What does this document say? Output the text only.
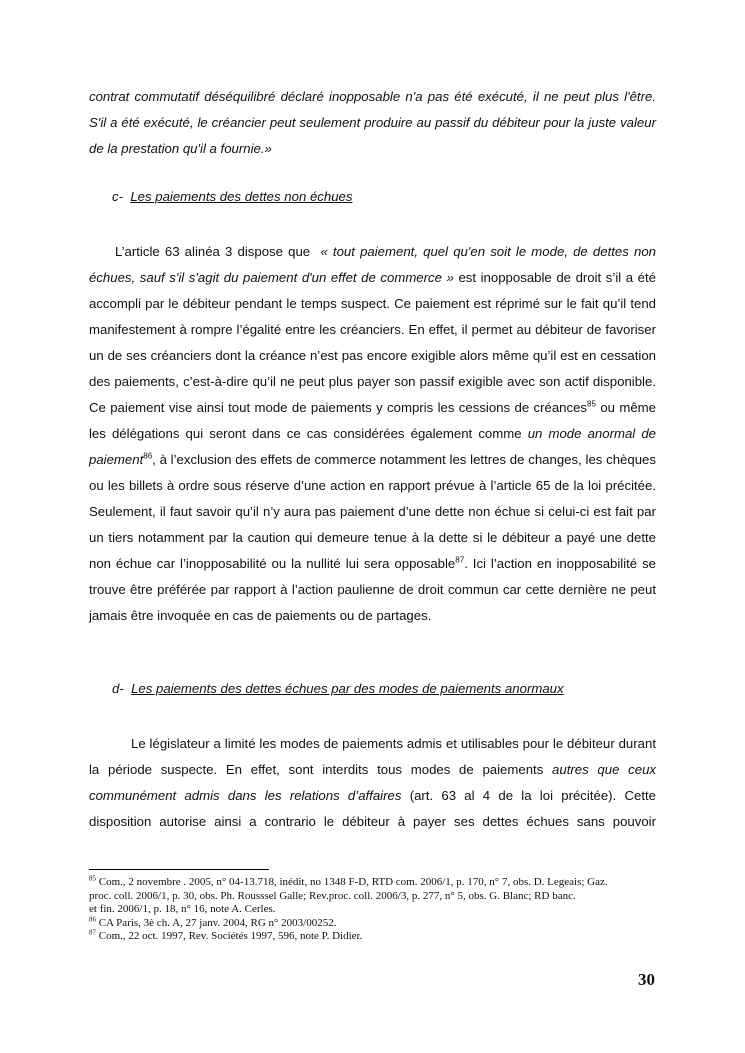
contrat commutatif déséquilibré déclaré inopposable n'a pas été exécuté, il ne peut plus l'être. S'il a été exécuté, le créancier peut seulement produire au passif du débiteur pour la juste valeur de la prestation qu'il a fournie.»
c- Les paiements des dettes non échues
L’article 63 alinéa 3 dispose que « tout paiement, quel qu'en soit le mode, de dettes non échues, sauf s'il s'agit du paiement d'un effet de commerce » est inopposable de droit s’il a été accompli par le débiteur pendant le temps suspect. Ce paiement est réprimé sur le fait qu’il tend manifestement à rompre l’égalité entre les créanciers. En effet, il permet au débiteur de favoriser un de ses créanciers dont la créance n’est pas encore exigible alors même qu’il est en cessation des paiements, c’est-à-dire qu’il ne peut plus payer son passif exigible avec son actif disponible. Ce paiement vise ainsi tout mode de paiements y compris les cessions de créances$^{85}$ ou même les délégations qui seront dans ce cas considérées également comme un mode anormal de paiement$^{86}$, à l’exclusion des effets de commerce notamment les lettres de changes, les chèques ou les billets à ordre sous réserve d’une action en rapport prévue à l’article 65 de la loi précitée. Seulement, il faut savoir qu’il n’y aura pas paiement d’une dette non échue si celui-ci est fait par un tiers notamment par la caution qui demeure tenue à la dette si le débiteur a payé une dette non échue car l’inopposabilité ou la nullité lui sera opposable$^{87}$. Ici l’action en inopposabilité se trouve être préférée par rapport à l’action paulienne de droit commun car cette dernière ne peut jamais être invoquée en cas de paiements ou de partages.
d- Les paiements des dettes échues par des modes de paiements anormaux
Le législateur a limité les modes de paiements admis et utilisables pour le débiteur durant la période suspecte. En effet, sont interdits tous modes de paiements autres que ceux communément admis dans les relations d’affaires (art. 63 al 4 de la loi précitée). Cette disposition autorise ainsi a contrario le débiteur à payer ses dettes échues sans pouvoir

$^{85}$ Com., 2 novembre . 2005, n° 04-13.718, inédit, no 1348 F-D, RTD com. 2006/1, p. 170, n° 7, obs. D. Legeais; Gaz.

proc. coll. 2006/1, p. 30, obs. Ph. Rousssel Galle; Rev.proc. coll. 2006/3, p. 277, n° 5, obs. G. Blanc; RD banc.

et fin. 2006/1, p. 18, n° 16, note A. Cerles.

$^{86}$ CA Paris, 3è ch. A, 27 janv. 2004, RG n° 2003/00252.

$^{87}$ Com., 22 oct. 1997, Rev. Sociétés 1997, 596, note P. Didier.

30
